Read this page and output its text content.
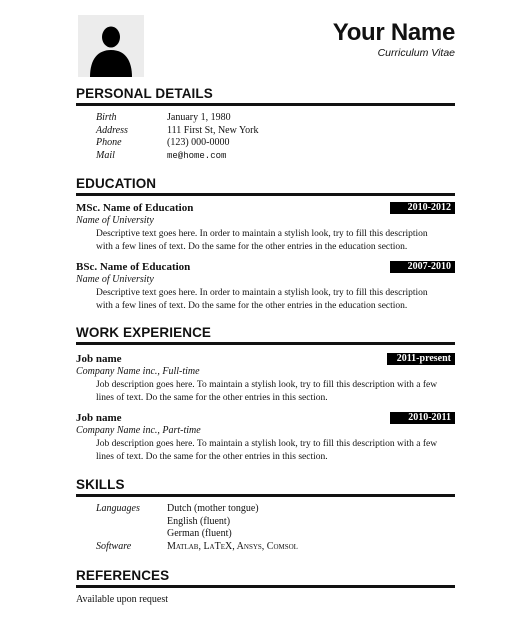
Your Name
Curriculum Vitae
PERSONAL DETAILS
Birth	January 1, 1980
Address	111 First St, New York
Phone	(123) 000-0000
Mail	me@home.com
EDUCATION
MSc. Name of Education	2010-2012
Name of University
Descriptive text goes here. In order to maintain a stylish look, try to fill this description
with a few lines of text. Do the same for the other entries in the education section.
BSc. Name of Education	2007-2010
Name of University
Descriptive text goes here. In order to maintain a stylish look, try to fill this description
with a few lines of text. Do the same for the other entries in the education section.
WORK EXPERIENCE
Job name	2011-present
Company Name inc., Full-time
Job description goes here. To maintain a stylish look, try to fill this description with a few
lines of text. Do the same for the other entries in this section.
Job name	2010-2011
Company Name inc., Part-time
Job description goes here. To maintain a stylish look, try to fill this description with a few
lines of text. Do the same for the other entries in this section.
SKILLS
Languages	Dutch (mother tongue)
English (fluent)
German (fluent)
Software	Matlab, LaTeX, Ansys, Comsol
REFERENCES
Available upon request
